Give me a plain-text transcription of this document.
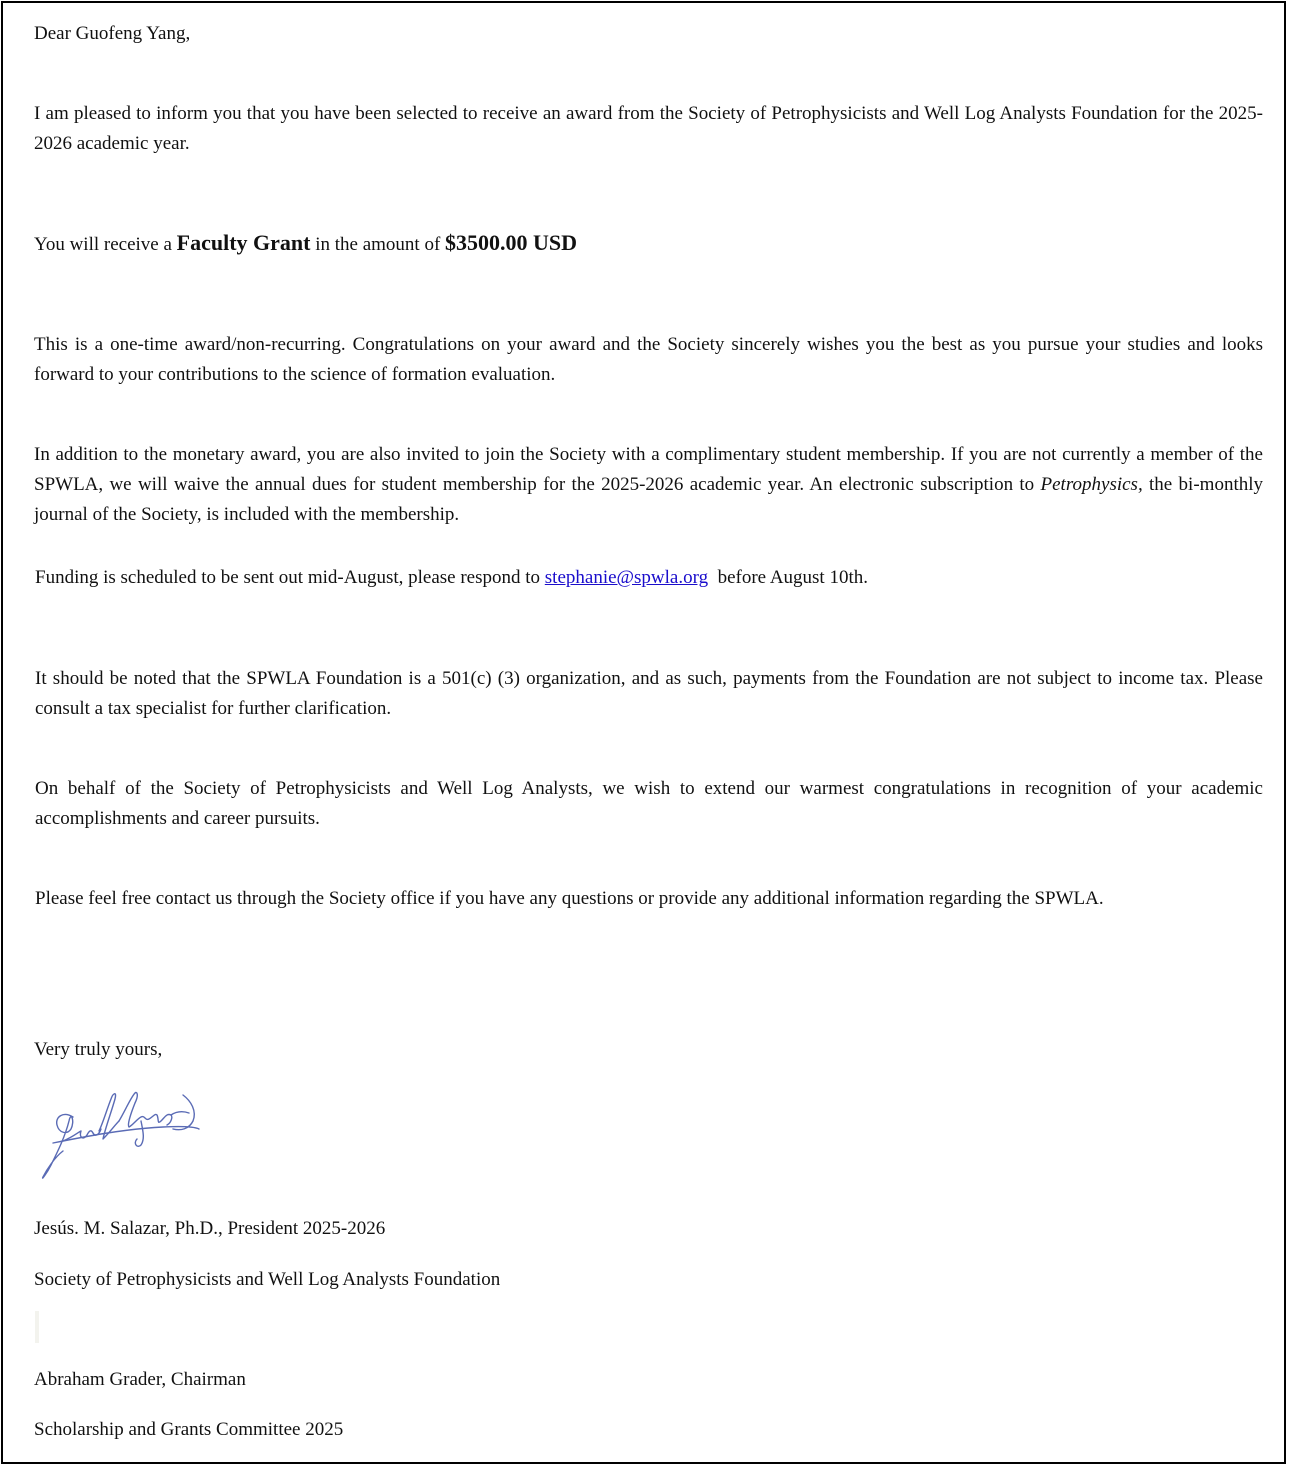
Dear Guofeng Yang,

I am pleased to inform you that you have been selected to receive an award from the Society of Petrophysicists and Well Log Analysts Foundation for the 2025-2026 academic year.

You will receive a Faculty Grant in the amount of $3500.00 USD

This is a one-time award/non-recurring. Congratulations on your award and the Society sincerely wishes you the best as you pursue your studies and looks forward to your contributions to the science of formation evaluation.

In addition to the monetary award, you are also invited to join the Society with a complimentary student membership. If you are not currently a member of the SPWLA, we will waive the annual dues for student membership for the 2025-2026 academic year. An electronic subscription to Petrophysics, the bi-monthly journal of the Society, is included with the membership.

Funding is scheduled to be sent out mid-August, please respond to stephanie@spwla.org  before August 10th.

It should be noted that the SPWLA Foundation is a 501(c) (3) organization, and as such, payments from the Foundation are not subject to income tax. Please consult a tax specialist for further clarification.

On behalf of the Society of Petrophysicists and Well Log Analysts, we wish to extend our warmest congratulations in recognition of your academic accomplishments and career pursuits.

Please feel free contact us through the Society office if you have any questions or provide any additional information regarding the SPWLA.

Very truly yours,

Jesús. M. Salazar, Ph.D., President 2025-2026

Society of Petrophysicists and Well Log Analysts Foundation

Abraham Grader, Chairman

Scholarship and Grants Committee 2025
